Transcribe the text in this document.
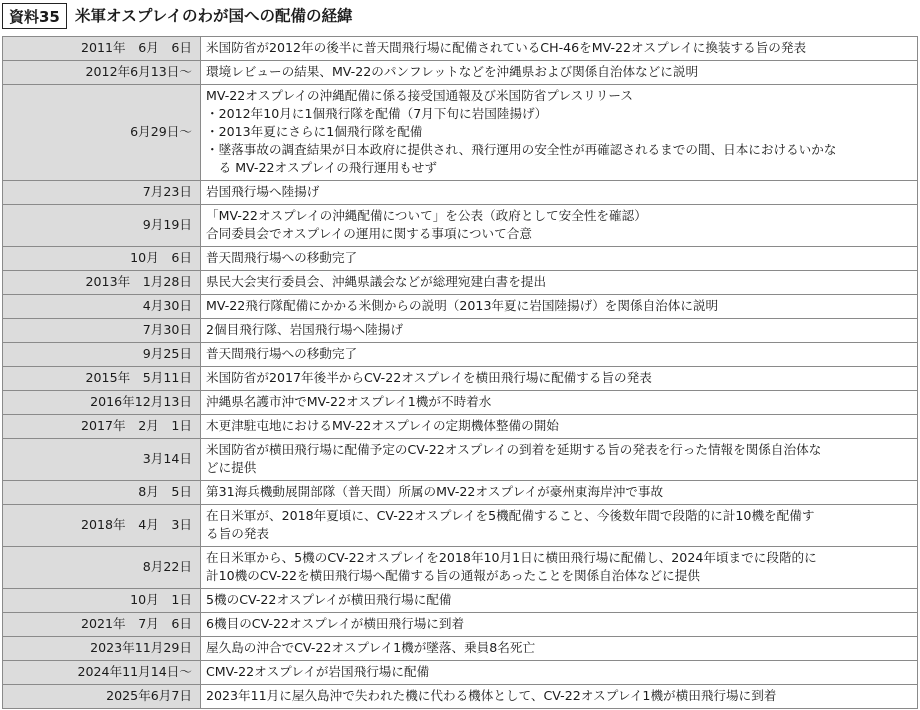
資料35 米軍オスプレイのわが国への配備の経緯
2011年　6月　6日	米国防省が2012年の後半に普天間飛行場に配備されているCH-46をMV-22オスプレイに換装する旨の発表

2012年6月13日～	環境レビューの結果、MV-22のパンフレットなどを沖縄県および関係自治体などに説明

6月29日～	MV-22オスプレイの沖縄配備に係る接受国通報及び米国防省プレスリリース
・2012年10月に1個飛行隊を配備（7月下旬に岩国陸揚げ）
・2013年夏にさらに1個飛行隊を配備
・墜落事故の調査結果が日本政府に提供され、飛行運用の安全性が再確認されるまでの間、日本におけるいかな
　る MV-22オスプレイの飛行運用もせず

7月23日	岩国飛行場へ陸揚げ

9月19日	「MV-22オスプレイの沖縄配備について」を公表（政府として安全性を確認）
合同委員会でオスプレイの運用に関する事項について合意

10月　6日	普天間飛行場への移動完了

2013年　1月28日	県民大会実行委員会、沖縄県議会などが総理宛建白書を提出

4月30日	MV-22飛行隊配備にかかる米側からの説明（2013年夏に岩国陸揚げ）を関係自治体に説明

7月30日	2個目飛行隊、岩国飛行場へ陸揚げ

9月25日	普天間飛行場への移動完了

2015年　5月11日	米国防省が2017年後半からCV-22オスプレイを横田飛行場に配備する旨の発表

2016年12月13日	沖縄県名護市沖でMV-22オスプレイ1機が不時着水

2017年　2月　1日	木更津駐屯地におけるMV-22オスプレイの定期機体整備の開始

3月14日	米国防省が横田飛行場に配備予定のCV-22オスプレイの到着を延期する旨の発表を行った情報を関係自治体な
どに提供

8月　5日	第31海兵機動展開部隊（普天間）所属のMV-22オスプレイが豪州東海岸沖で事故

2018年　4月　3日	在日米軍が、2018年夏頃に、CV-22オスプレイを5機配備すること、今後数年間で段階的に計10機を配備す
る旨の発表

8月22日	在日米軍から、5機のCV-22オスプレイを2018年10月1日に横田飛行場に配備し、2024年頃までに段階的に
計10機のCV-22を横田飛行場へ配備する旨の通報があったことを関係自治体などに提供

10月　1日	5機のCV-22オスプレイが横田飛行場に配備

2021年　7月　6日	6機目のCV-22オスプレイが横田飛行場に到着

2023年11月29日	屋久島の沖合でCV-22オスプレイ1機が墜落、乗員8名死亡

2024年11月14日～	CMV-22オスプレイが岩国飛行場に配備

2025年6月7日	2023年11月に屋久島沖で失われた機に代わる機体として、CV-22オスプレイ1機が横田飛行場に到着
